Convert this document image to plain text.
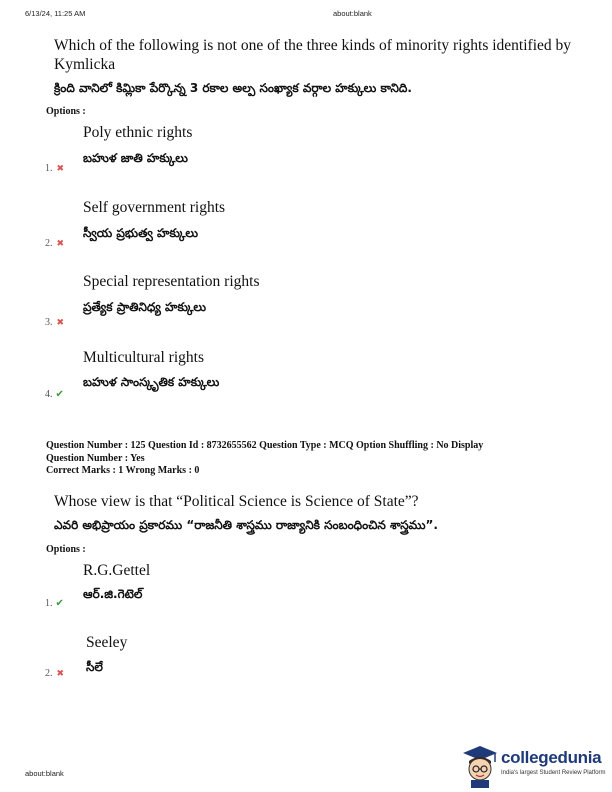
6/13/24, 11:25 AM	about:blank
Which of the following is not one of the three kinds of minority rights identified by Kymlicka
క్రింది వానిలో కిమ్లికా పేర్కొన్న 3 రకాల అల్ప సంఖ్యాక వర్గాల హక్కులు కానిది.
Options :
Poly ethnic rights
బహుళ జాతి హక్కులు
1. ✖
Self government rights
స్వీయ ప్రభుత్వ హక్కులు
2. ✖
Special representation rights
ప్రత్యేక ప్రాతినిధ్య హక్కులు
3. ✖
Multicultural rights
బహుళ సాంస్కృతిక హక్కులు
4. ✔
Question Number : 125 Question Id : 8732655562 Question Type : MCQ Option Shuffling : No Display
Question Number : Yes
Correct Marks : 1 Wrong Marks : 0
Whose view is that “Political Science is Science of State”?
ఎవరి అభిప్రాయం ప్రకారము “రాజనీతి శాస్త్రము రాజ్యానికి సంబంధించిన శాస్త్రము”.
Options :
R.G.Gettel
ఆర్.జి.గెటెల్
1. ✔
Seeley
సీలే
2. ✖
about:blank
collegedunia
India's largest Student Review Platform
